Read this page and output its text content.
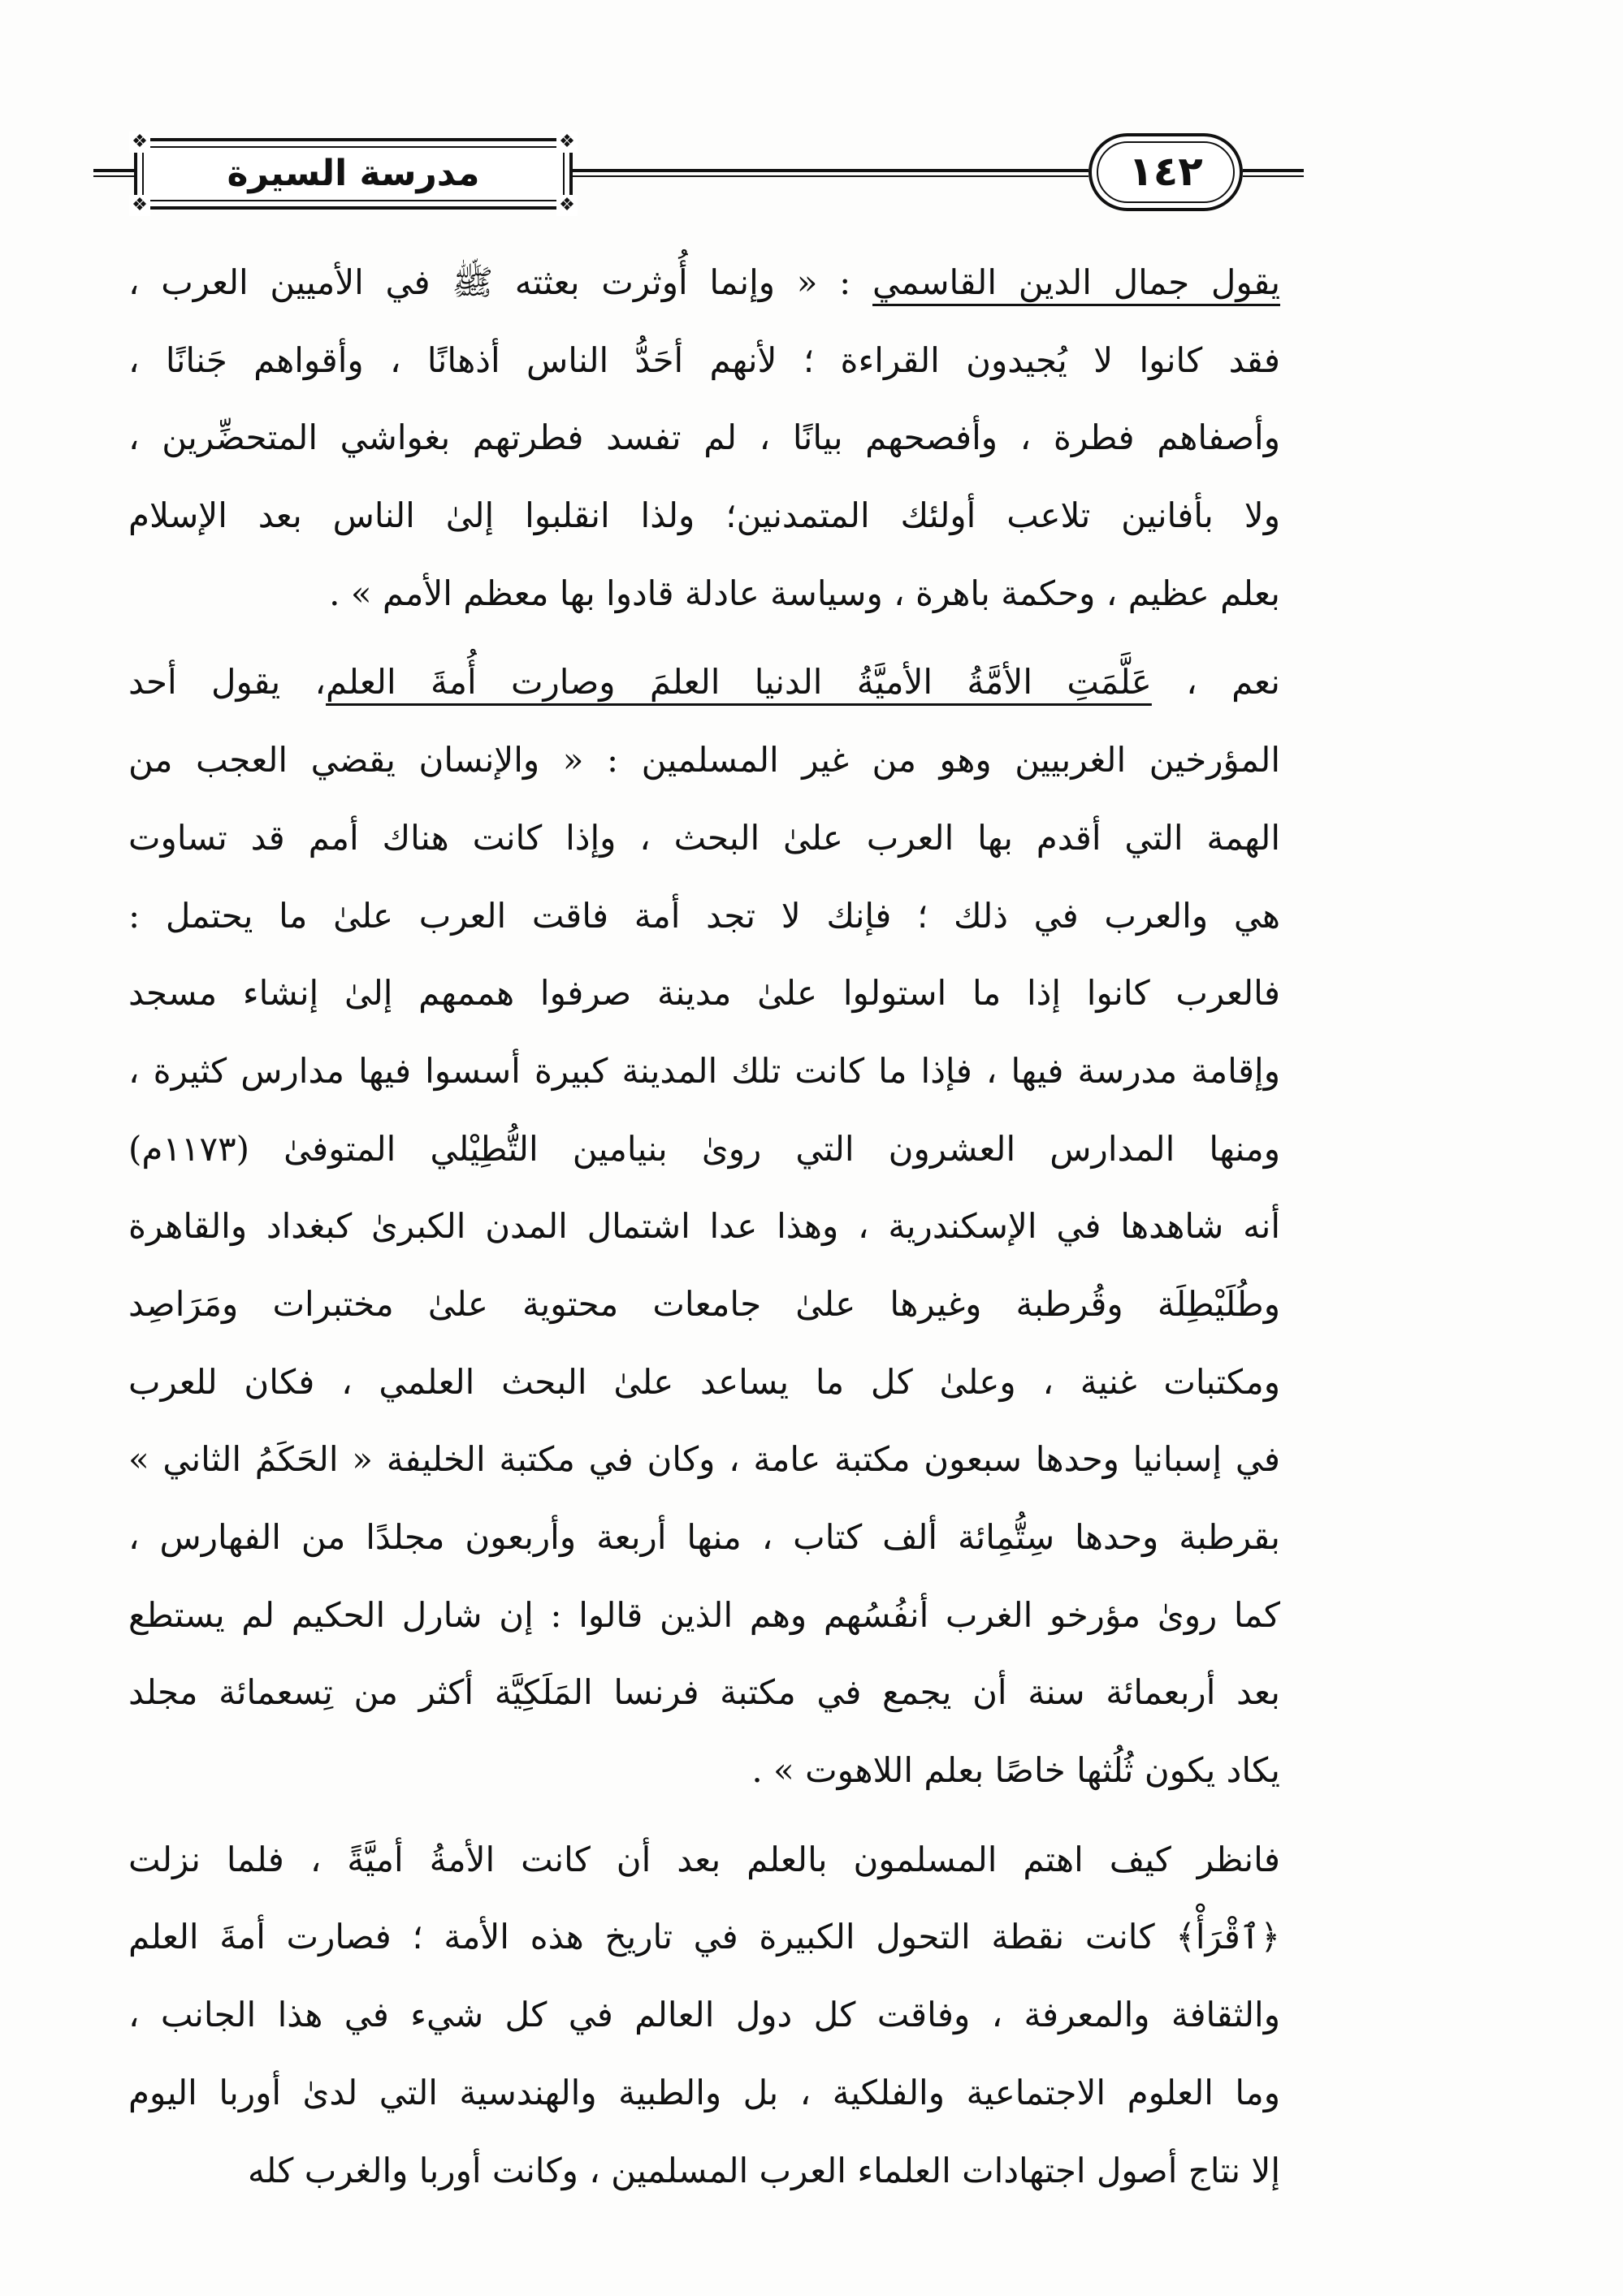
❖	❖
❖	❖
مدرسة السيرة	١٤٢
يقول جمال الدين القاسمي : « وإنما أُوثرت بعثته ﷺ في الأميين العرب ،
فقد كانوا لا يُجيدون القراءة ؛ لأنهم أحَدُّ الناس أذهانًا ، وأقواهم جَنانًا ،
وأصفاهم فطرة ، وأفصحهم بيانًا ، لم تفسد فطرتهم بغواشي المتحضِّرين ،
ولا بأفانين تلاعب أولئك المتمدنين؛ ولذا انقلبوا إلىٰ الناس بعد الإسلام
بعلم عظيم ، وحكمة باهرة ، وسياسة عادلة قادوا بها معظم الأمم » .
نعم ، عَلَّمَتِ الأمَّةُ الأميَّةُ الدنيا العلمَ وصارت أُمةَ العلم، يقول أحد
المؤرخين الغربيين وهو من غير المسلمين : « والإنسان يقضي العجب من
الهمة التي أقدم بها العرب علىٰ البحث ، وإذا كانت هناك أمم قد تساوت
هي والعرب في ذلك ؛ فإنك لا تجد أمة فاقت العرب علىٰ ما يحتمل :
فالعرب كانوا إذا ما استولوا علىٰ مدينة صرفوا هممهم إلىٰ إنشاء مسجد
وإقامة مدرسة فيها ، فإذا ما كانت تلك المدينة كبيرة أسسوا فيها مدارس كثيرة ،
ومنها المدارس العشرون التي روىٰ بنيامين التُّطِيْلي المتوفىٰ (١١٧٣م)
أنه شاهدها في الإسكندرية ، وهذا عدا اشتمال المدن الكبرىٰ كبغداد والقاهرة
وطُلَيْطِلَة وقُرطبة وغيرها علىٰ جامعات محتوية علىٰ مختبرات ومَرَاصِد
ومكتبات غنية ، وعلىٰ كل ما يساعد علىٰ البحث العلمي ، فكان للعرب
في إسبانيا وحدها سبعون مكتبة عامة ، وكان في مكتبة الخليفة « الحَكَمُ الثاني »
بقرطبة وحدها سِتُّمِائة ألف كتاب ، منها أربعة وأربعون مجلدًا من الفهارس ،
كما روىٰ مؤرخو الغرب أنفُسُهم وهم الذين قالوا : إن شارل الحكيم لم يستطع
بعد أربعمائة سنة أن يجمع في مكتبة فرنسا المَلَكِيَّة أكثر من تِسعمائة مجلد
يكاد يكون ثُلُثها خاصًا بعلم اللاهوت » .
فانظر كيف اهتم المسلمون بالعلم بعد أن كانت الأمةُ أميَّةً ، فلما نزلت
﴿ٱقْرَأْ﴾ كانت نقطة التحول الكبيرة في تاريخ هذه الأمة ؛ فصارت أمةَ العلم
والثقافة والمعرفة ، وفاقت كل دول العالم في كل شيء في هذا الجانب ،
وما العلوم الاجتماعية والفلكية ، بل والطبية والهندسية التي لدىٰ أوربا اليوم
إلا نتاج أصول اجتهادات العلماء العرب المسلمين ، وكانت أوربا والغرب كله
